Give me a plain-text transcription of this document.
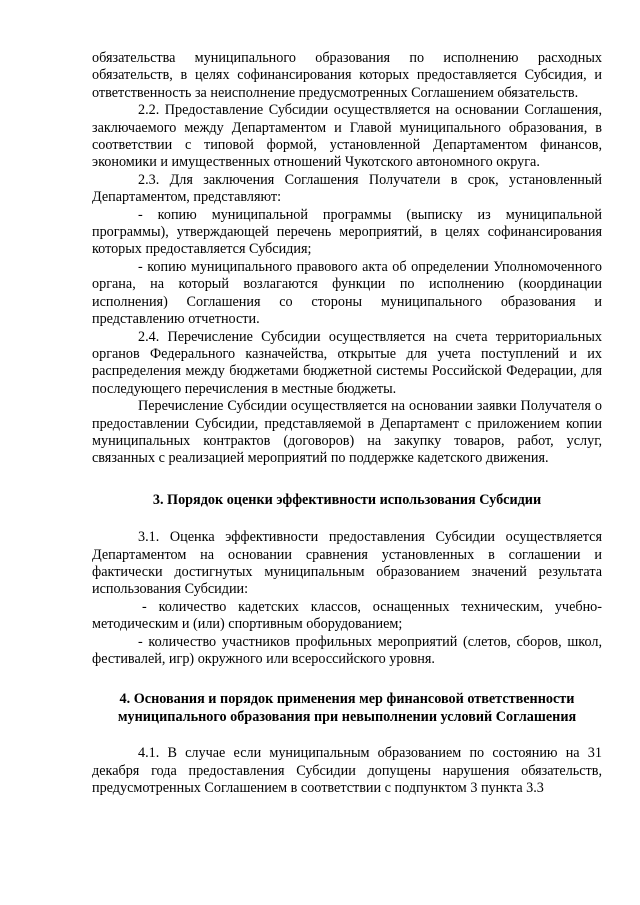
обязательства муниципального образования по исполнению расходных обязательств, в целях софинансирования которых предоставляется Субсидия, и ответственность за неисполнение предусмотренных Соглашением обязательств.

2.2. Предоставление Субсидии осуществляется на основании Соглашения, заключаемого между Департаментом и Главой муниципального образования, в соответствии с типовой формой, установленной Департаментом финансов, экономики и имущественных отношений Чукотского автономного округа.

2.3. Для заключения Соглашения Получатели в срок, установленный Департаментом, представляют:

- копию муниципальной программы (выписку из муниципальной программы), утверждающей перечень мероприятий, в целях софинансирования которых предоставляется Субсидия;

- копию муниципального правового акта об определении Уполномоченного органа, на который возлагаются функции по исполнению (координации исполнения) Соглашения со стороны муниципального образования и представлению отчетности.

2.4. Перечисление Субсидии осуществляется на счета территориальных органов Федерального казначейства, открытые для учета поступлений и их распределения между бюджетами бюджетной системы Российской Федерации, для последующего перечисления в местные бюджеты.

Перечисление Субсидии осуществляется на основании заявки Получателя о предоставлении Субсидии, представляемой в Департамент с приложением копии муниципальных контрактов (договоров) на закупку товаров, работ, услуг, связанных с реализацией мероприятий по поддержке кадетского движения.

3. Порядок оценки эффективности использования Субсидии

3.1. Оценка эффективности предоставления Субсидии осуществляется Департаментом на основании сравнения установленных в соглашении и фактически достигнутых муниципальным образованием значений результата использования Субсидии:

- количество кадетских классов, оснащенных техническим, учебно-методическим и (или) спортивным оборудованием;

- количество участников профильных мероприятий (слетов, сборов, школ, фестивалей, игр) окружного или всероссийского уровня.

4. Основания и порядок применения мер финансовой ответственности
муниципального образования при невыполнении условий Соглашения

4.1. В случае если муниципальным образованием по состоянию на 31 декабря года предоставления Субсидии допущены нарушения обязательств, предусмотренных Соглашением в соответствии с подпунктом 3 пункта 3.3
